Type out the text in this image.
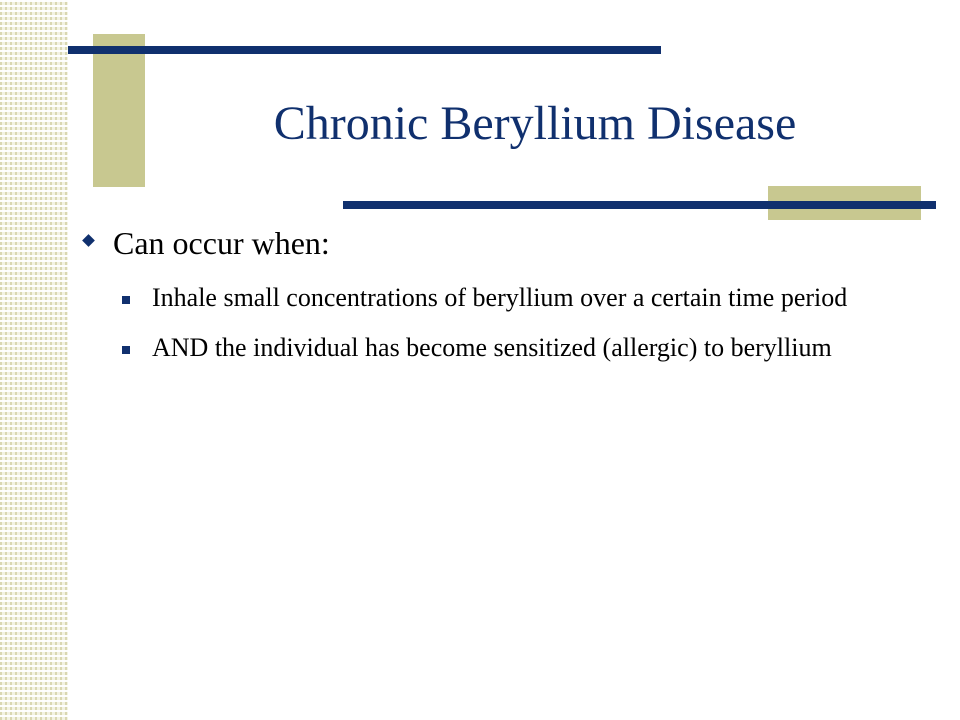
Chronic Beryllium Disease
Can occur when:
Inhale small concentrations of beryllium over a certain time period
AND the individual has become sensitized (allergic) to beryllium
